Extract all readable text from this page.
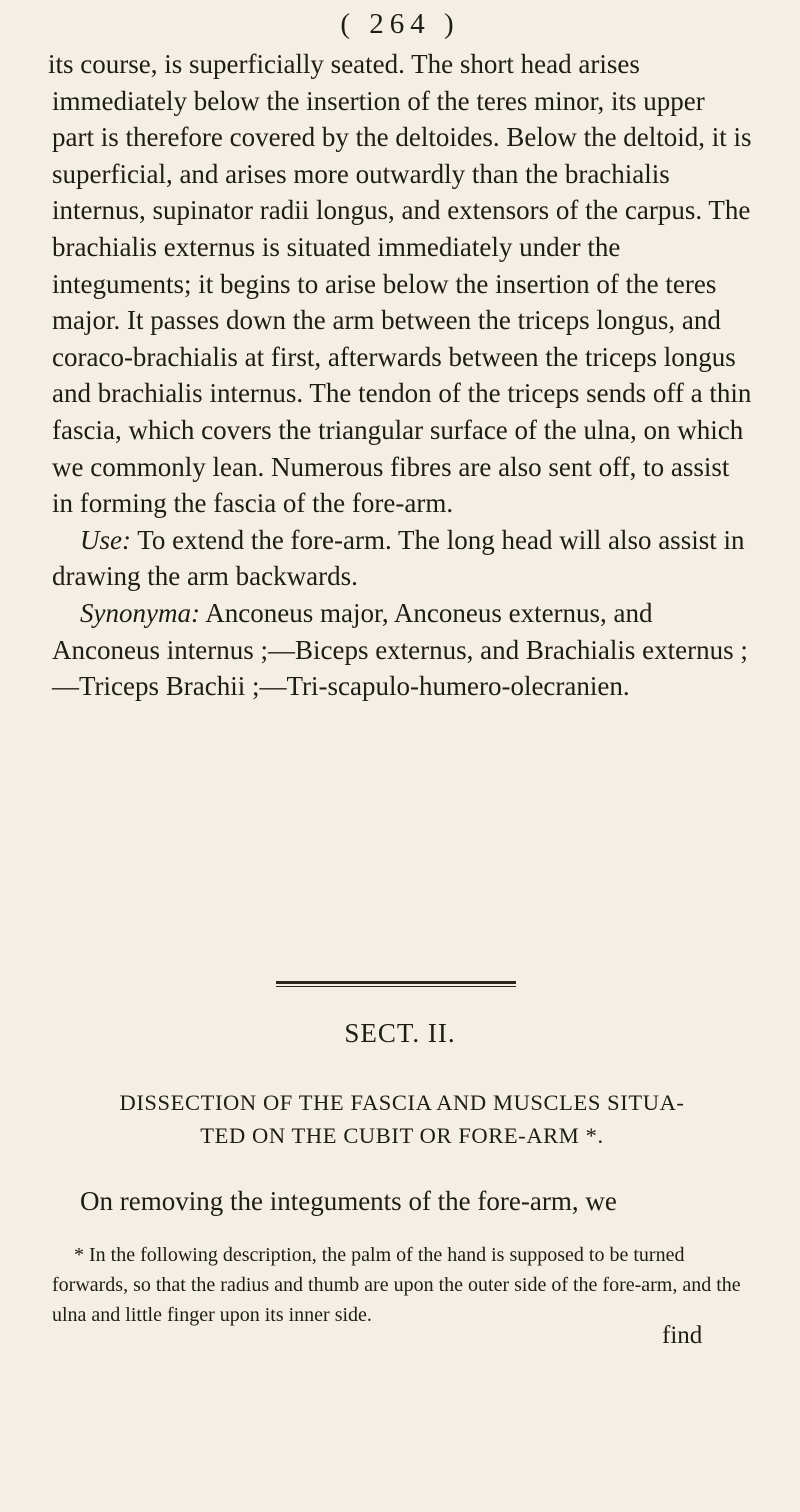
( 264 )

its course, is superficially seated. The short head arises immediately below the insertion of the teres minor, its upper part is therefore covered by the deltoides. Below the deltoid, it is superficial, and arises more outwardly than the brachialis internus, supinator radii longus, and extensors of the carpus. The brachialis externus is situated immediately under the integuments; it begins to arise below the insertion of the teres major. It passes down the arm between the triceps longus, and coraco-brachialis at first, afterwards between the triceps longus and brachialis internus. The tendon of the triceps sends off a thin fascia, which covers the triangular surface of the ulna, on which we commonly lean. Numerous fibres are also sent off, to assist in forming the fascia of the fore-arm.

Use: To extend the fore-arm. The long head will also assist in drawing the arm backwards.

Synonyma: Anconeus major, Anconeus externus, and Anconeus internus ;—Biceps externus, and Brachialis externus ;—Triceps Brachii ;—Tri-scapulo-humero-olecranien.

SECT. II.
DISSECTION OF THE FASCIA AND MUSCLES SITUA-
TED ON THE CUBIT OR FORE-ARM *.
On removing the integuments of the fore-arm, we

* In the following description, the palm of the hand is supposed to be turned forwards, so that the radius and thumb are upon the outer side of the fore-arm, and the ulna and little finger upon its inner side.

find
